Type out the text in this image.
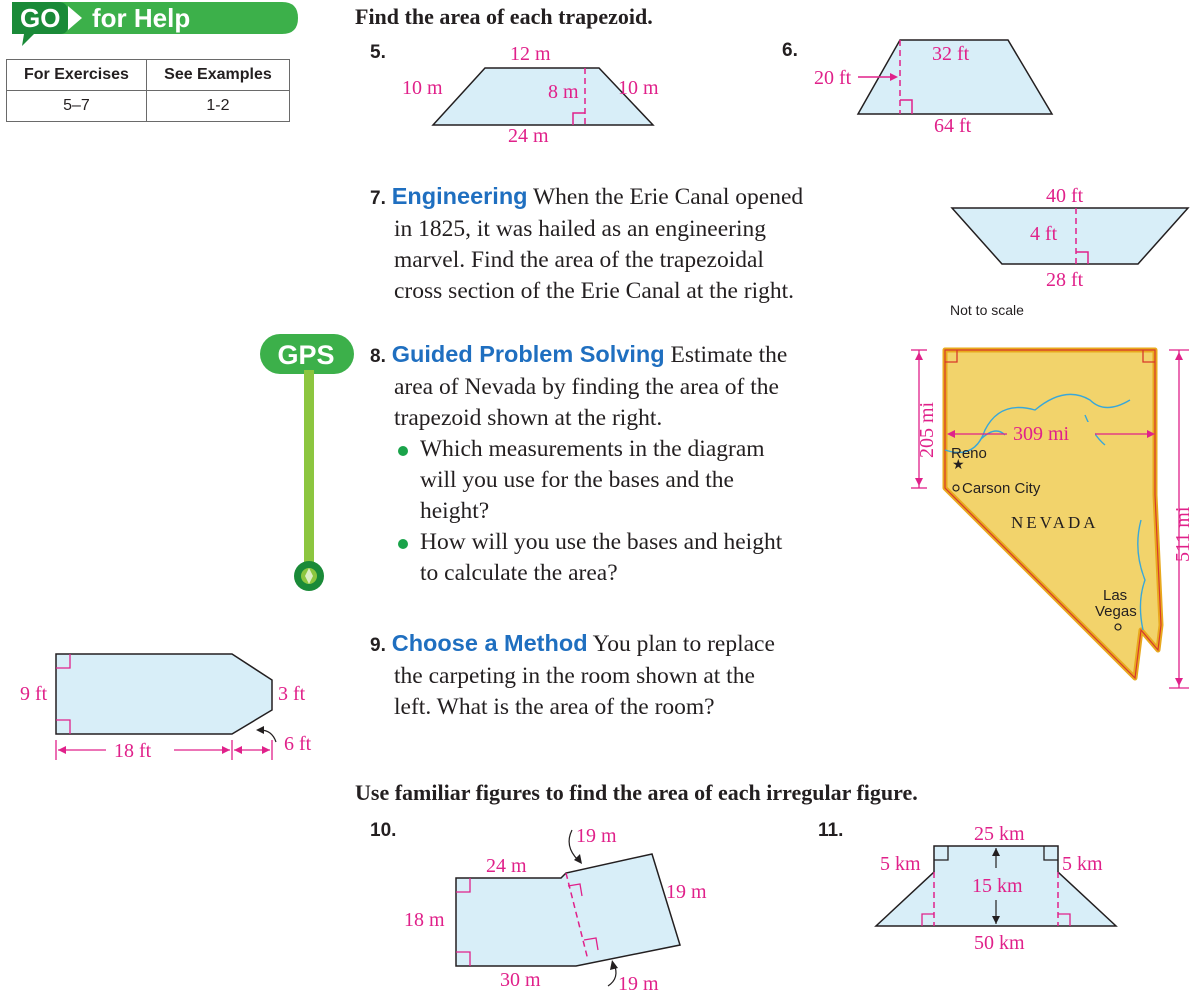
GO for Help
For Exercises	See Examples
5–7	1-2
Find the area of each trapezoid.
5.	12 m
10 m	8 m 10 m
24 m
6.
20 ft
32 ft
64 ft
7. Engineering When the Erie Canal opened
in 1825, it was hailed as an engineering
marvel. Find the area of the trapezoidal
cross section of the Erie Canal at the right.
40 ft
4 ft
28 ft
Not to scale
GPS 8. Guided Problem Solving Estimate the
area of Nevada by finding the area of the
trapezoid shown at the right.
Which measurements in the diagram
will you use for the bases and the
height?
How will you use the bases and height
to calculate the area?
309 mi
205 mi
511 mi
★
Reno
Carson City
NEVADA
Las
Vegas
9. Choose a Method You plan to replace
the carpeting in the room shown at the
left. What is the area of the room?
9 ft	3 ft
18 ft	6 ft
Use familiar figures to find the area of each irregular figure.
10.	19 m
24 m
19 m
18 m
30 m	19 m
11.	25 km
5 km	5 km
15 km
50 km
